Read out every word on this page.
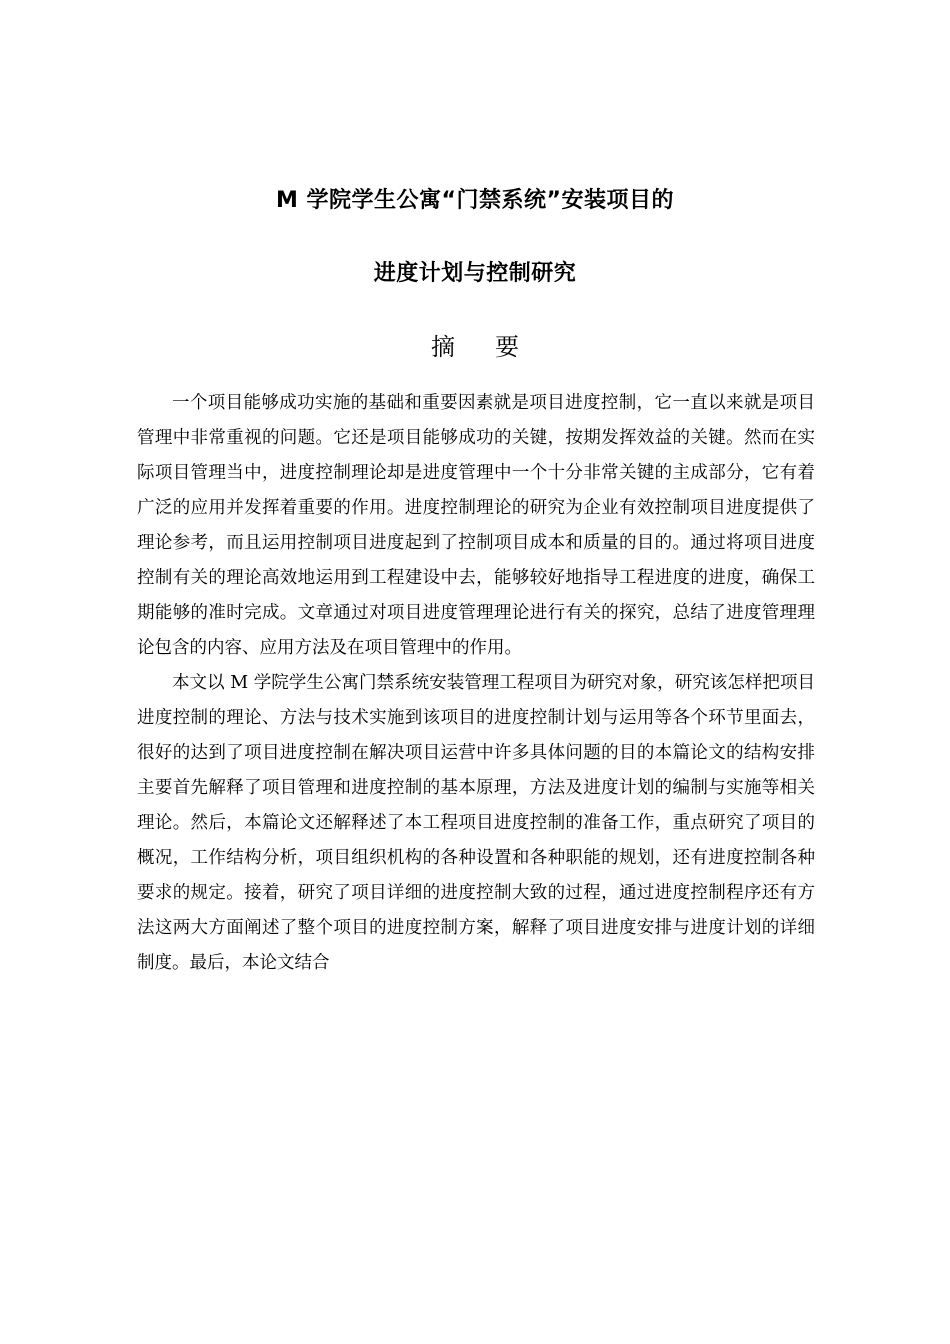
M 学院学生公寓“门禁系统”安装项目的
进度计划与控制研究
摘要

一个项目能够成功实施的基础和重要因素就是项目进度控制，它一直以来就是项目管理中非常重视的问题。它还是项目能够成功的关键，按期发挥效益的关键。然而在实际项目管理当中，进度控制理论却是进度管理中一个十分非常关键的主成部分，它有着广泛的应用并发挥着重要的作用。进度控制理论的研究为企业有效控制项目进度提供了理论参考，而且运用控制项目进度起到了控制项目成本和质量的目的。通过将项目进度控制有关的理论高效地运用到工程建设中去，能够较好地指导工程进度的进度，确保工期能够的准时完成。文章通过对项目进度管理理论进行有关的探究，总结了进度管理理论包含的内容、应用方法及在项目管理中的作用。

本文以 M 学院学生公寓门禁系统安装管理工程项目为研究对象，研究该怎样把项目进度控制的理论、方法与技术实施到该项目的进度控制计划与运用等各个环节里面去，很好的达到了项目进度控制在解决项目运营中许多具体问题的目的本篇论文的结构安排主要首先解释了项目管理和进度控制的基本原理，方法及进度计划的编制与实施等相关理论。然后，本篇论文还解释述了本工程项目进度控制的准备工作，重点研究了项目的概况，工作结构分析，项目组织机构的各种设置和各种职能的规划，还有进度控制各种要求的规定。接着，研究了项目详细的进度控制大致的过程，通过进度控制程序还有方法这两大方面阐述了整个项目的进度控制方案，解释了项目进度安排与进度计划的详细制度。最后，本论文结合
